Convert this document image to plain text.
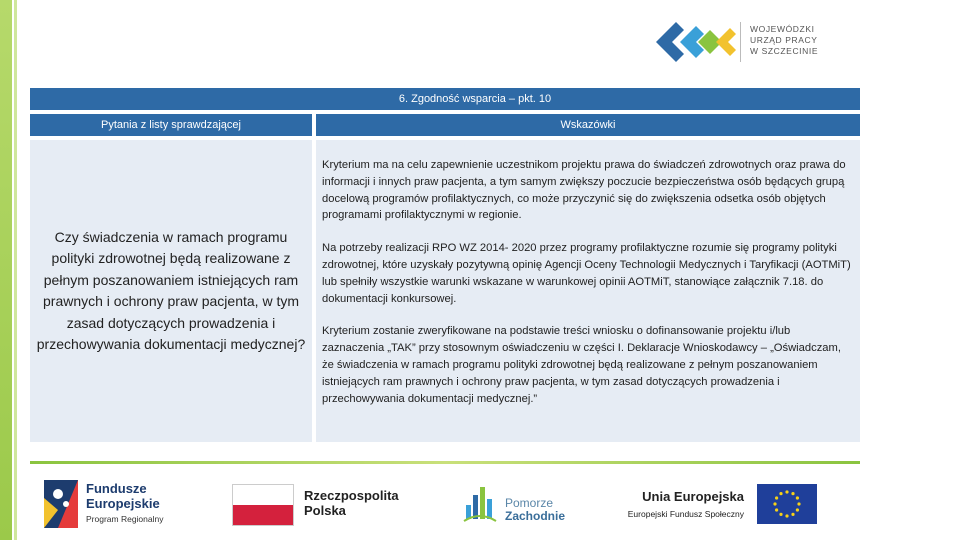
WOJEWÓDZKI
URZĄD PRACY
W SZCZECINIE
6. Zgodność wsparcia – pkt. 10
Pytania z listy sprawdzającej	Wskazówki

Czy świadczenia w ramach programu polityki zdrowotnej będą realizowane z pełnym poszanowaniem istniejących ram prawnych i ochrony praw pacjenta, w tym zasad dotyczących prowadzenia i przechowywania dokumentacji medycznej?

Kryterium ma na celu zapewnienie uczestnikom projektu prawa do świadczeń zdrowotnych oraz prawa do informacji i innych praw pacjenta, a tym samym zwiększy poczucie bezpieczeństwa osób będących grupą docelową programów profilaktycznych, co może przyczynić się do zwiększenia odsetka osób objętych programami profilaktycznymi w regionie.

Na potrzeby realizacji RPO WZ 2014- 2020 przez programy profilaktyczne rozumie się programy polityki zdrowotnej, które uzyskały pozytywną opinię Agencji Oceny Technologii Medycznych i Taryfikacji (AOTMiT) lub spełniły wszystkie warunki wskazane w warunkowej opinii AOTMiT, stanowiące załącznik 7.18. do dokumentacji konkursowej.

Kryterium zostanie zweryfikowane na podstawie treści wniosku o dofinansowanie projektu i/lub zaznaczenia „TAK” przy stosownym oświadczeniu w części I. Deklaracje Wnioskodawcy – „Oświadczam, że świadczenia w ramach programu polityki zdrowotnej będą realizowane z pełnym poszanowaniem istniejących ram prawnych i ochrony praw pacjenta, w tym zasad dotyczących prowadzenia i przechowywania dokumentacji medycznej.”

Fundusze
Europejskie
Program Regionalny
Rzeczpospolita
Polska	Pomorze
Zachodnie
Unia Europejska
Europejski Fundusz Społeczny
